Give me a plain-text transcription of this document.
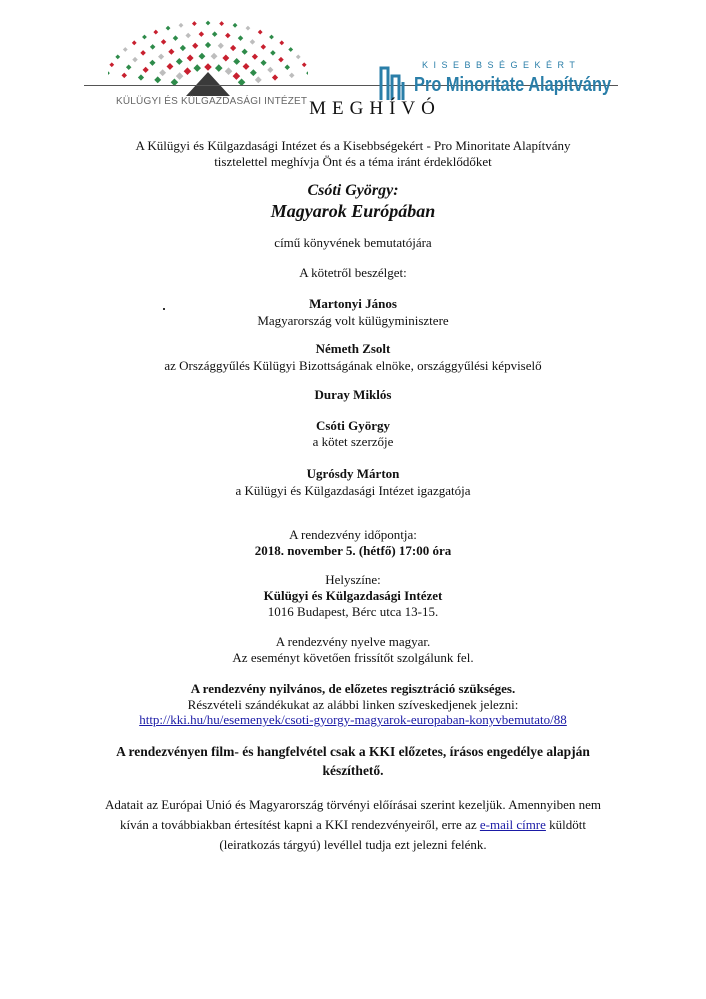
KÜLÜGYI ÉS KÜLGAZDASÁGI INTÉZET
KISEBBSÉGEKÉRT
Pro Minoritate Alapítvány
MEGHÍVÓ
A Külügyi és Külgazdasági Intézet és a Kisebbségekért - Pro Minoritate Alapítvány
tisztelettel meghívja Önt és a téma iránt érdeklődőket
Csóti György:
Magyarok Európában
című könyvének bemutatójára
A kötetről beszélget:
Martonyi János
Magyarország volt külügyminisztere
Németh Zsolt
az Országgyűlés Külügyi Bizottságának elnöke, országgyűlési képviselő
Duray Miklós
Csóti György
a kötet szerzője
Ugrósdy Márton
a Külügyi és Külgazdasági Intézet igazgatója
A rendezvény időpontja:
2018. november 5. (hétfő) 17:00 óra
Helyszíne:
Külügyi és Külgazdasági Intézet
1016 Budapest, Bérc utca 13-15.
A rendezvény nyelve magyar.
Az eseményt követően frissítőt szolgálunk fel.
A rendezvény nyilvános, de előzetes regisztráció szükséges.
Részvételi szándékukat az alábbi linken szíveskedjenek jelezni:
http://kki.hu/hu/esemenyek/csoti-gyorgy-magyarok-europaban-konyvbemutato/88
A rendezvényen film- és hangfelvétel csak a KKI előzetes, írásos engedélye alapján
készíthető.
Adatait az Európai Unió és Magyarország törvényi előírásai szerint kezeljük. Amennyiben nem
kíván a továbbiakban értesítést kapni a KKI rendezvényeiről, erre az e-mail címre küldött
(leiratkozás tárgyú) levéllel tudja ezt jelezni felénk.
